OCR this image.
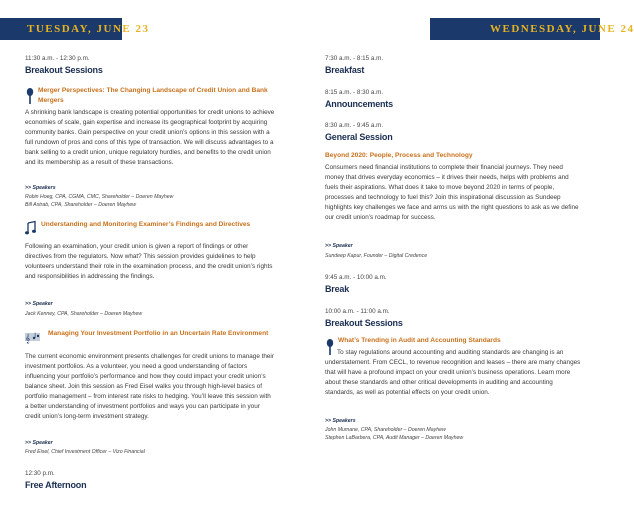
TUESDAY, JUNE 23	WEDNESDAY, JUNE 24
11:30 a.m. - 12:30 p.m.
Breakout Sessions
Merger Perspectives: The Changing Landscape of Credit Union and Bank Mergers
A shrinking bank landscape is creating potential opportunities for credit unions to achieve economies of scale, gain expertise and increase its geographical footprint by acquiring community banks. Gain perspective on your credit union’s options in this session with a full rundown of pros and cons of this type of transaction. We will discuss advantages to a bank selling to a credit union, unique regulatory hurdles, and benefits to the credit union and its membership as a result of these transactions.
>> Speakers
Robin Hoeg, CPA, CGMA, CMC, Shareholder – Doeren Mayhew
Bill Astrab, CPA, Shareholder – Doeren Mayhew
Understanding and Monitoring Examiner’s Findings and Directives
Following an examination, your credit union is given a report of findings or other directives from the regulators. Now what? This session provides guidelines to help volunteers understand their role in the examination process, and the credit union’s rights and responsibilities in addressing the findings.
>> Speaker
Jack Kenney, CPA, Shareholder – Doeren Mayhew
𝄞
Managing Your Investment Portfolio in an Uncertain Rate Environment
The current economic environment presents challenges for credit unions to manage their investment portfolios. As a volunteer, you need a good understanding of factors influencing your portfolio’s performance and how they could impact your credit union’s balance sheet. Join this session as Fred Eisel walks you through high-level basics of portfolio management – from interest rate risks to hedging. You’ll leave this session with a better understanding of investment portfolios and ways you can participate in your credit union’s long-term investment strategy.
>> Speaker
Fred Eisel, Chief Investment Officer – Vizo Financial
12:30 p.m.
Free Afternoon
7:30 a.m. - 8:15 a.m.
Breakfast
8:15 a.m. - 8:30 a.m.
Announcements
8:30 a.m. - 9:45 a.m.
General Session
Beyond 2020: People, Process and Technology
Consumers need financial institutions to complete their financial journeys. They need money that drives everyday economics – it drives their needs, helps with problems and fuels their aspirations. What does it take to move beyond 2020 in terms of people, processes and technology to fuel this? Join this inspirational discussion as Sundeep highlights key challenges we face and arms us with the right questions to ask as we define our credit union’s roadmap for success.
>> Speaker
Sundeep Kapur, Founder – Digital Credence
9:45 a.m. - 10:00 a.m.
Break
10:00 a.m. - 11:00 a.m.
Breakout Sessions
What’s Trending in Audit and Accounting Standards
To stay regulations around accounting and auditing standards are changing is an understatement. From CECL, to revenue recognition and leases – there are many changes that will have a profound impact on your credit union’s business operations. Learn more about these standards and other critical developments in auditing and accounting standards, as well as potential effects on your credit union.
>> Speakers
John Mumane, CPA, Shareholder – Doeren Mayhew
Stephen LaBarbera, CPA, Audit Manager – Doeren Mayhew
